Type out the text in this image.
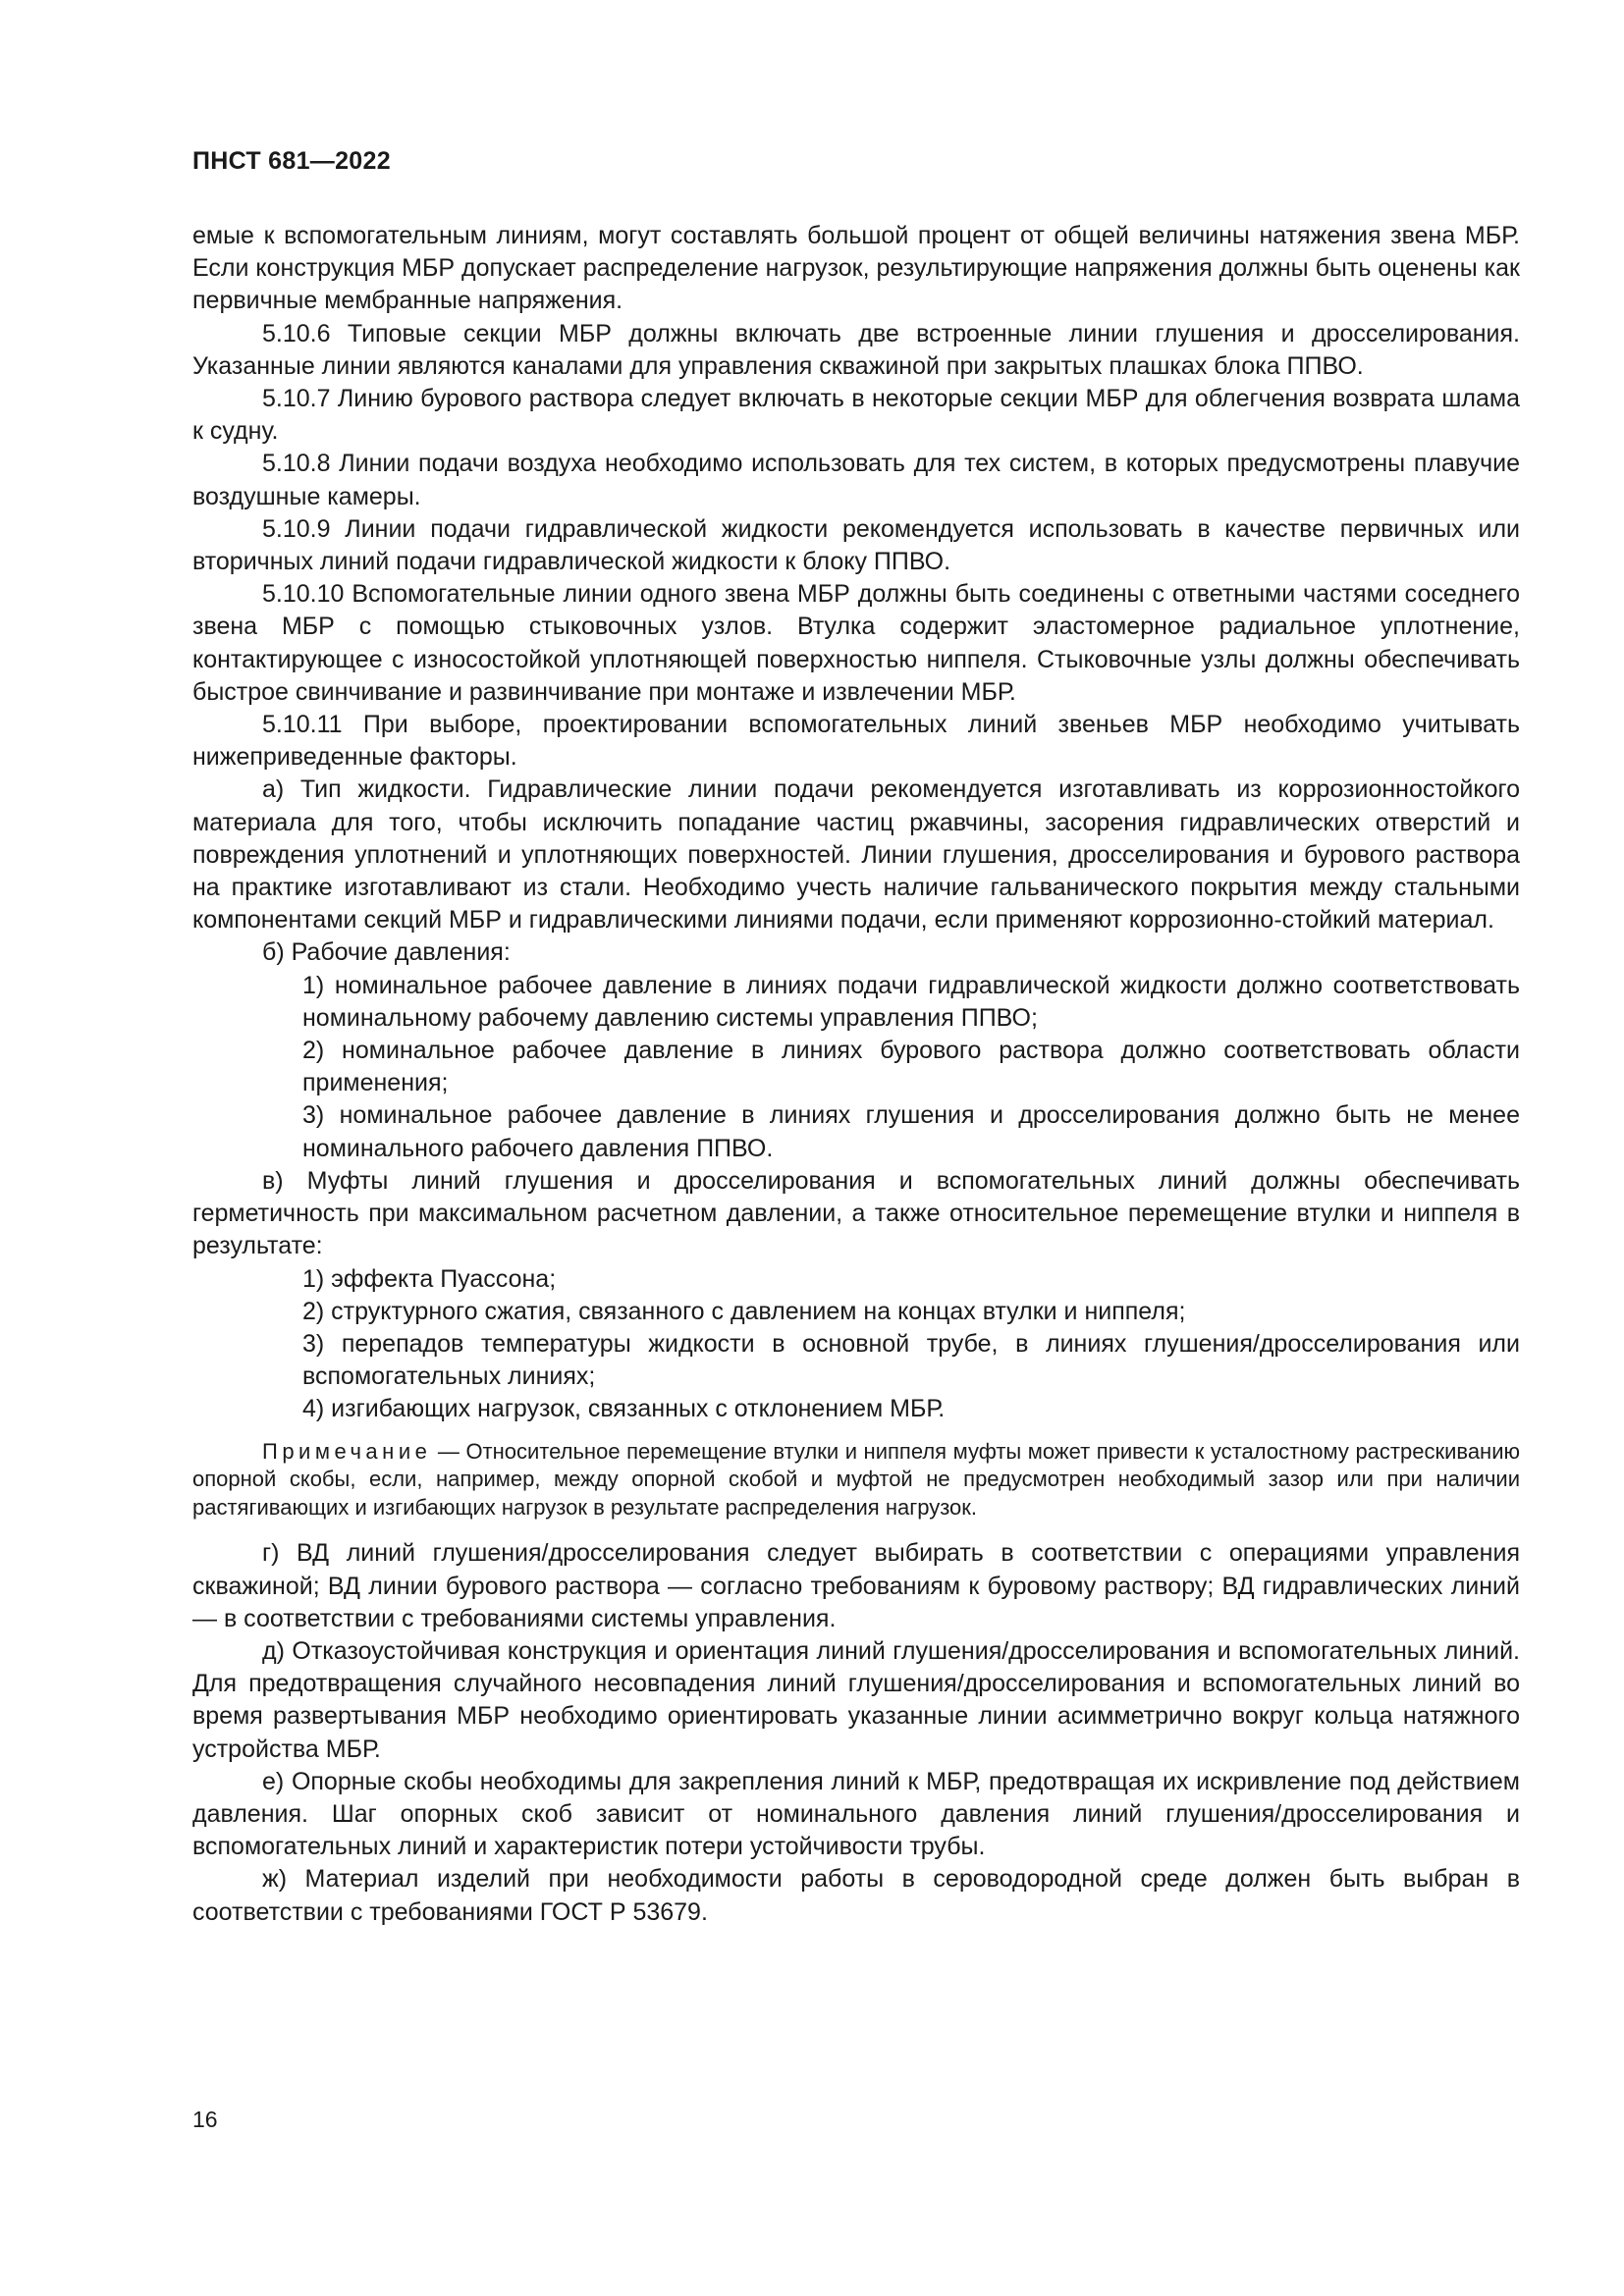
ПНСТ 681—2022

емые к вспомогательным линиям, могут составлять большой процент от общей величины натяжения звена МБР. Если конструкция МБР допускает распределение нагрузок, результирующие напряжения должны быть оценены как первичные мембранные напряжения.

5.10.6 Типовые секции МБР должны включать две встроенные линии глушения и дросселирования. Указанные линии являются каналами для управления скважиной при закрытых плашках блока ППВО.

5.10.7 Линию бурового раствора следует включать в некоторые секции МБР для облегчения возврата шлама к судну.

5.10.8 Линии подачи воздуха необходимо использовать для тех систем, в которых предусмотрены плавучие воздушные камеры.

5.10.9 Линии подачи гидравлической жидкости рекомендуется использовать в качестве первичных или вторичных линий подачи гидравлической жидкости к блоку ППВО.

5.10.10 Вспомогательные линии одного звена МБР должны быть соединены с ответными частями соседнего звена МБР с помощью стыковочных узлов. Втулка содержит эластомерное радиальное уплотнение, контактирующее с износостойкой уплотняющей поверхностью ниппеля. Стыковочные узлы должны обеспечивать быстрое свинчивание и развинчивание при монтаже и извлечении МБР.

5.10.11 При выборе, проектировании вспомогательных линий звеньев МБР необходимо учитывать нижеприведенные факторы.

а) Тип жидкости. Гидравлические линии подачи рекомендуется изготавливать из коррозионностойкого материала для того, чтобы исключить попадание частиц ржавчины, засорения гидравлических отверстий и повреждения уплотнений и уплотняющих поверхностей. Линии глушения, дросселирования и бурового раствора на практике изготавливают из стали. Необходимо учесть наличие гальванического покрытия между стальными компонентами секций МБР и гидравлическими линиями подачи, если применяют коррозионно-стойкий материал.

б) Рабочие давления:

1) номинальное рабочее давление в линиях подачи гидравлической жидкости должно соответствовать номинальному рабочему давлению системы управления ППВО;

2) номинальное рабочее давление в линиях бурового раствора должно соответствовать области применения;

3) номинальное рабочее давление в линиях глушения и дросселирования должно быть не менее номинального рабочего давления ППВО.

в) Муфты линий глушения и дросселирования и вспомогательных линий должны обеспечивать герметичность при максимальном расчетном давлении, а также относительное перемещение втулки и ниппеля в результате:

1) эффекта Пуассона;

2) структурного сжатия, связанного с давлением на концах втулки и ниппеля;

3) перепадов температуры жидкости в основной трубе, в линиях глушения/дросселирования или вспомогательных линиях;

4) изгибающих нагрузок, связанных с отклонением МБР.

Примечание — Относительное перемещение втулки и ниппеля муфты может привести к усталостному растрескиванию опорной скобы, если, например, между опорной скобой и муфтой не предусмотрен необходимый зазор или при наличии растягивающих и изгибающих нагрузок в результате распределения нагрузок.

г) ВД линий глушения/дросселирования следует выбирать в соответствии с операциями управления скважиной; ВД линии бурового раствора — согласно требованиям к буровому раствору; ВД гидравлических линий — в соответствии с требованиями системы управления.

д) Отказоустойчивая конструкция и ориентация линий глушения/дросселирования и вспомогательных линий. Для предотвращения случайного несовпадения линий глушения/дросселирования и вспомогательных линий во время развертывания МБР необходимо ориентировать указанные линии асимметрично вокруг кольца натяжного устройства МБР.

е) Опорные скобы необходимы для закрепления линий к МБР, предотвращая их искривление под действием давления. Шаг опорных скоб зависит от номинального давления линий глушения/дросселирования и вспомогательных линий и характеристик потери устойчивости трубы.

ж) Материал изделий при необходимости работы в сероводородной среде должен быть выбран в соответствии с требованиями ГОСТ Р 53679.

16
